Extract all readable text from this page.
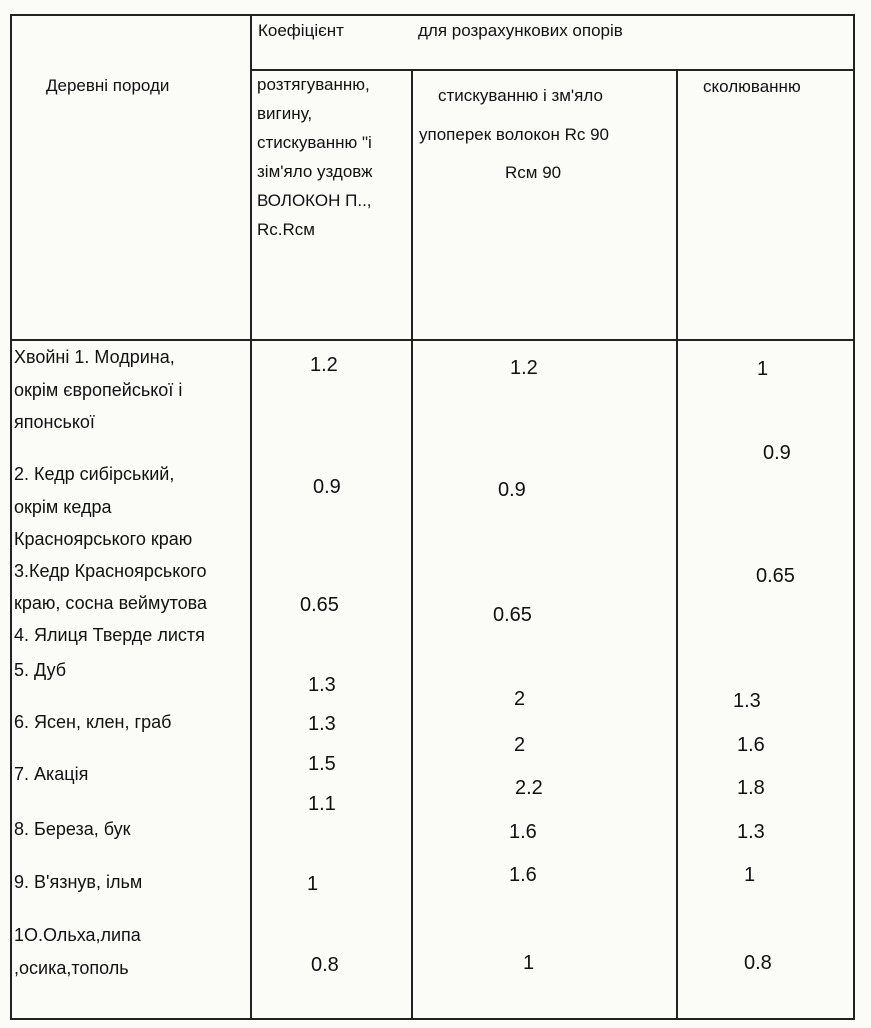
Деревні породи
Коефіцієнт	для розрахункових опорів
розтягуванню,
вигину,
стискуванню "і
зім'яло уздовж
ВОЛОКОН П..,
Rс.Rсм
стискуванню і зм'яло
упоперек волокон Rc 90
Rсм 90
сколюванню
Хвойні 1. Модрина,
окрім європейської і
японської
2. Кедр сибірський,
окрім кедра
Красноярського краю
3.Кедр Красноярського
краю, сосна веймутова
4. Ялиця Тверде листя
5. Дуб
6. Ясен, клен, граб
7. Акація
8. Береза, бук
9. В'язнув, ільм
1О.Ольха,липа
,осика,тополь
1.2
0.9
0.65
1.3
1.3
1.5
1.1
1
0.8
1.2
0.9
0.65
2
2
2.2
1.6
1.6
1
1
0.9
0.65
1.3
1.6
1.8
1.3
1
0.8
